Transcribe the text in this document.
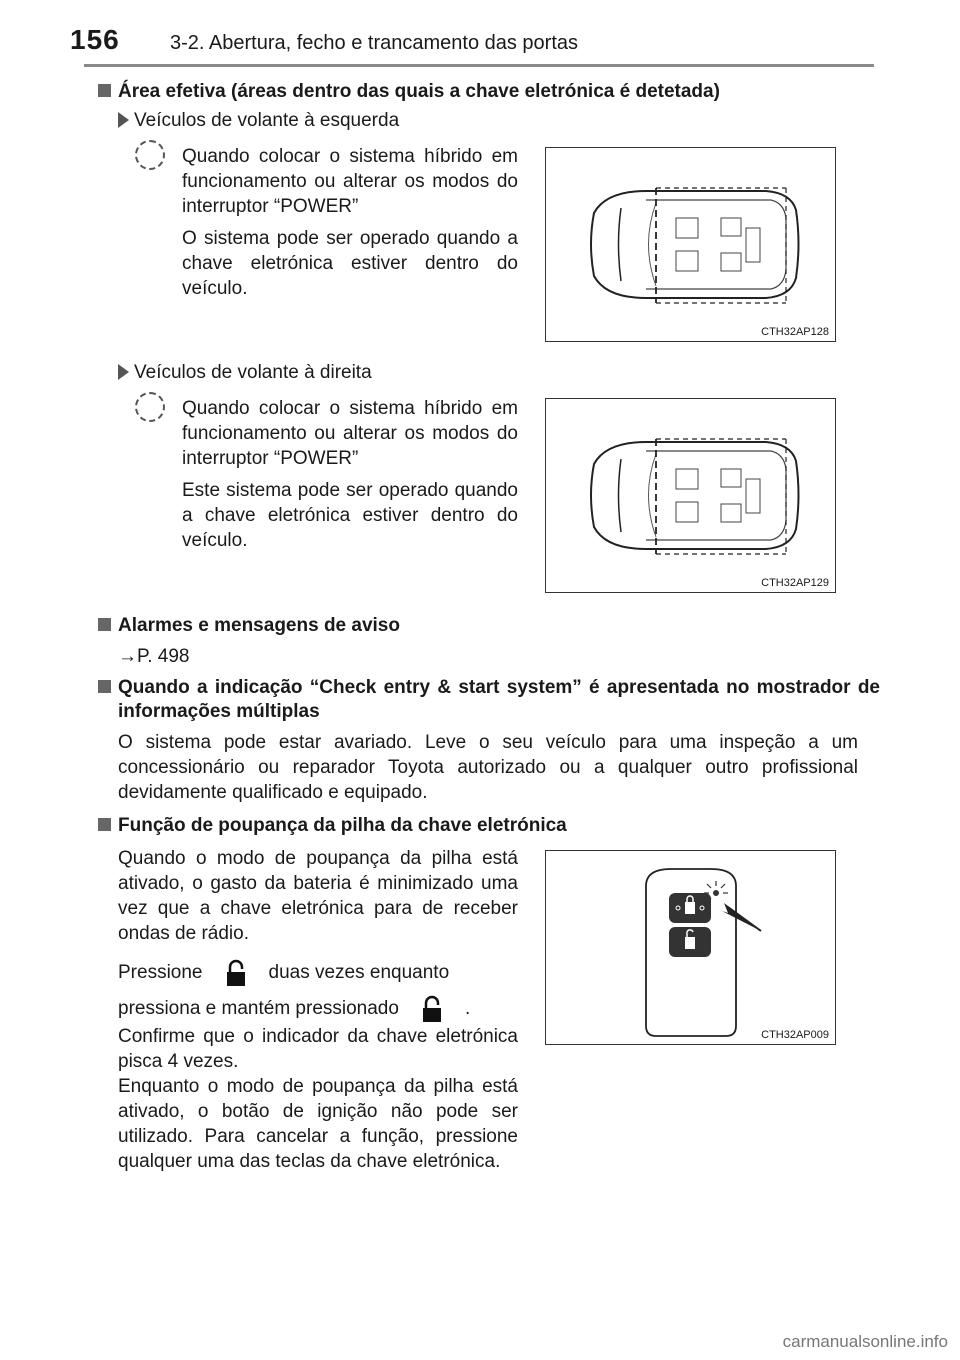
156	3-2. Abertura, fecho e trancamento das portas
Área efetiva (áreas dentro das quais a chave eletrónica é detetada)
Veículos de volante à esquerda
Quando colocar o sistema híbrido em funcionamento ou alterar os modos do interruptor “POWER”
O sistema pode ser operado quando a chave eletrónica estiver dentro do veículo.
CTH32AP128
Veículos de volante à direita
Quando colocar o sistema híbrido em funcionamento ou alterar os modos do interruptor “POWER”
Este sistema pode ser operado quando a chave eletrónica estiver dentro do veículo.
CTH32AP129
Alarmes e mensagens de aviso
→P. 498
Quando a indicação “Check entry & start system” é apresentada no mostrador de informações múltiplas
O sistema pode estar avariado. Leve o seu veículo para uma inspeção a um concessionário ou reparador Toyota autorizado ou a qualquer outro profissional devidamente qualificado e equipado.
Função de poupança da pilha da chave eletrónica
Quando o modo de poupança da pilha está ativado, o gasto da bateria é minimizado uma vez que a chave eletrónica para de receber ondas de rádio.
Pressione	duas vezes enquanto
pressiona e mantém pressionado	.
Confirme que o indicador da chave eletrónica pisca 4 vezes.
Enquanto o modo de poupança da pilha está ativado, o botão de ignição não pode ser utilizado. Para cancelar a função, pressione qualquer uma das teclas da chave eletrónica.
CTH32AP009
carmanualsonline.info
